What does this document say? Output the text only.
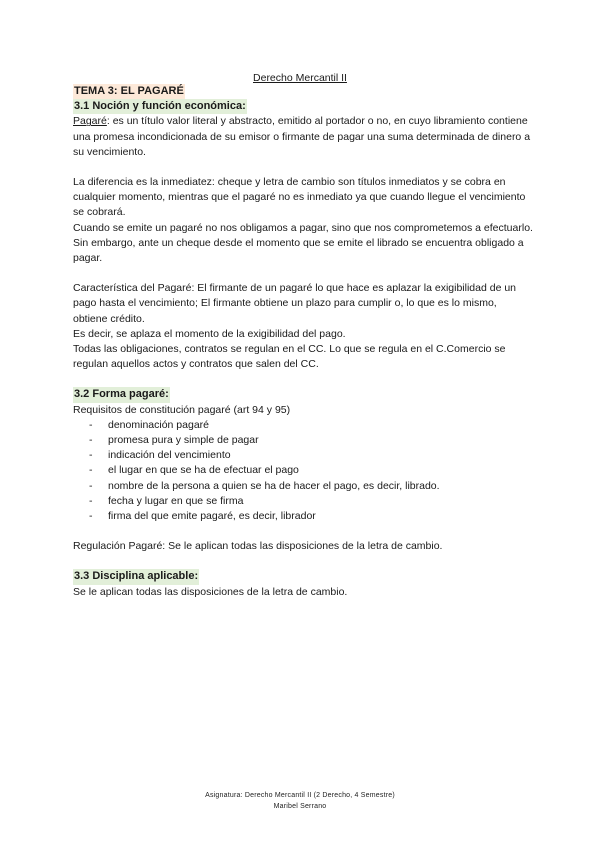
Derecho Mercantil II
TEMA 3: EL PAGARÉ
3.1 Noción y función económica:

Pagaré: es un título valor literal y abstracto, emitido al portador o no, en cuyo libramiento contiene una promesa incondicionada de su emisor o firmante de pagar una suma determinada de dinero a su vencimiento.

La diferencia es la inmediatez: cheque y letra de cambio son títulos inmediatos y se cobra en cualquier momento, mientras que el pagaré no es inmediato ya que cuando llegue el vencimiento se cobrará.

Cuando se emite un pagaré no nos obligamos a pagar, sino que nos comprometemos a efectuarlo. Sin embargo, ante un cheque desde el momento que se emite el librado se encuentra obligado a pagar.

Característica del Pagaré: El firmante de un pagaré lo que hace es aplazar la exigibilidad de un pago hasta el vencimiento; El firmante obtiene un plazo para cumplir o, lo que es lo mismo, obtiene crédito.

Es decir, se aplaza el momento de la exigibilidad del pago.

Todas las obligaciones, contratos se regulan en el CC. Lo que se regula en el C.Comercio se regulan aquellos actos y contratos que salen del CC.

3.2 Forma pagaré:

Requisitos de constitución pagaré (art 94 y 95)

- denominación pagaré
- promesa pura y simple de pagar
- indicación del vencimiento
- el lugar en que se ha de efectuar el pago
- nombre de la persona a quien se ha de hacer el pago, es decir, librado.
- fecha y lugar en que se firma
- firma del que emite pagaré, es decir, librador

Regulación Pagaré: Se le aplican todas las disposiciones de la letra de cambio.

3.3 Disciplina aplicable:

Se le aplican todas las disposiciones de la letra de cambio.

Asignatura: Derecho Mercantil II (2 Derecho, 4 Semestre)
Maribel Serrano
